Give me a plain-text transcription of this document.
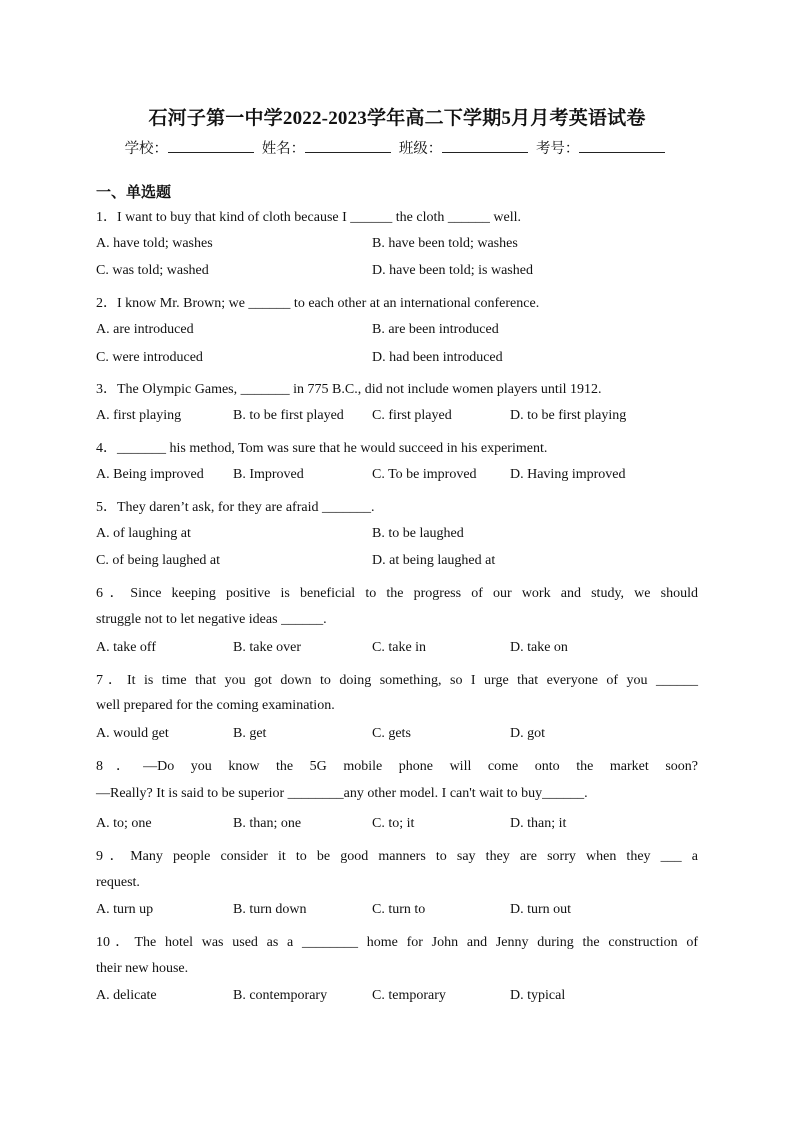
石河子第一中学2022-2023学年高二下学期5月月考英语试卷
学校：	姓名：	班级：	考号：
一、单选题
1．I want to buy that kind of cloth because I ______ the cloth ______ well.
A. have told; washes	B. have been told; washes
C. was told; washed	D. have been told; is washed
2．I know Mr. Brown; we ______ to each other at an international conference.
A. are introduced	B. are been introduced
C. were introduced	D. had been introduced
3．The Olympic Games, _______ in 775 B.C., did not include women players until 1912.
A. first playing	B. to be first played C. first played	D. to be first playing
4．_______ his method, Tom was sure that he would succeed in his experiment.
A. Being improved B. Improved	C. To be improved D. Having improved
5．They daren’t ask, for they are afraid _______.
A. of laughing at	B. to be laughed
C. of being laughed at	D. at being laughed at
6．Since keeping positive is beneficial to the progress of our work and study, we should
struggle not to let negative ideas ______.
A. take off	B. take over	C. take in	D. take on
7．It is time that you got down to doing something, so I urge that everyone of you ______
well prepared for the coming examination.
A. would get	B. get	C. gets	D. got
8．—Do you know the 5G mobile phone will come onto the market soon?
—Really? It is said to be superior ________any other model. I can't wait to buy______.
A. to; one	B. than; one	C. to; it	D. than; it
9．Many people consider it to be good manners to say they are sorry when they ___ a
request.
A. turn up	B. turn down	C. turn to	D. turn out
10．The hotel was used as a ________ home for John and Jenny during the construction of
their new house.
A. delicate	B. contemporary	C. temporary	D. typical
